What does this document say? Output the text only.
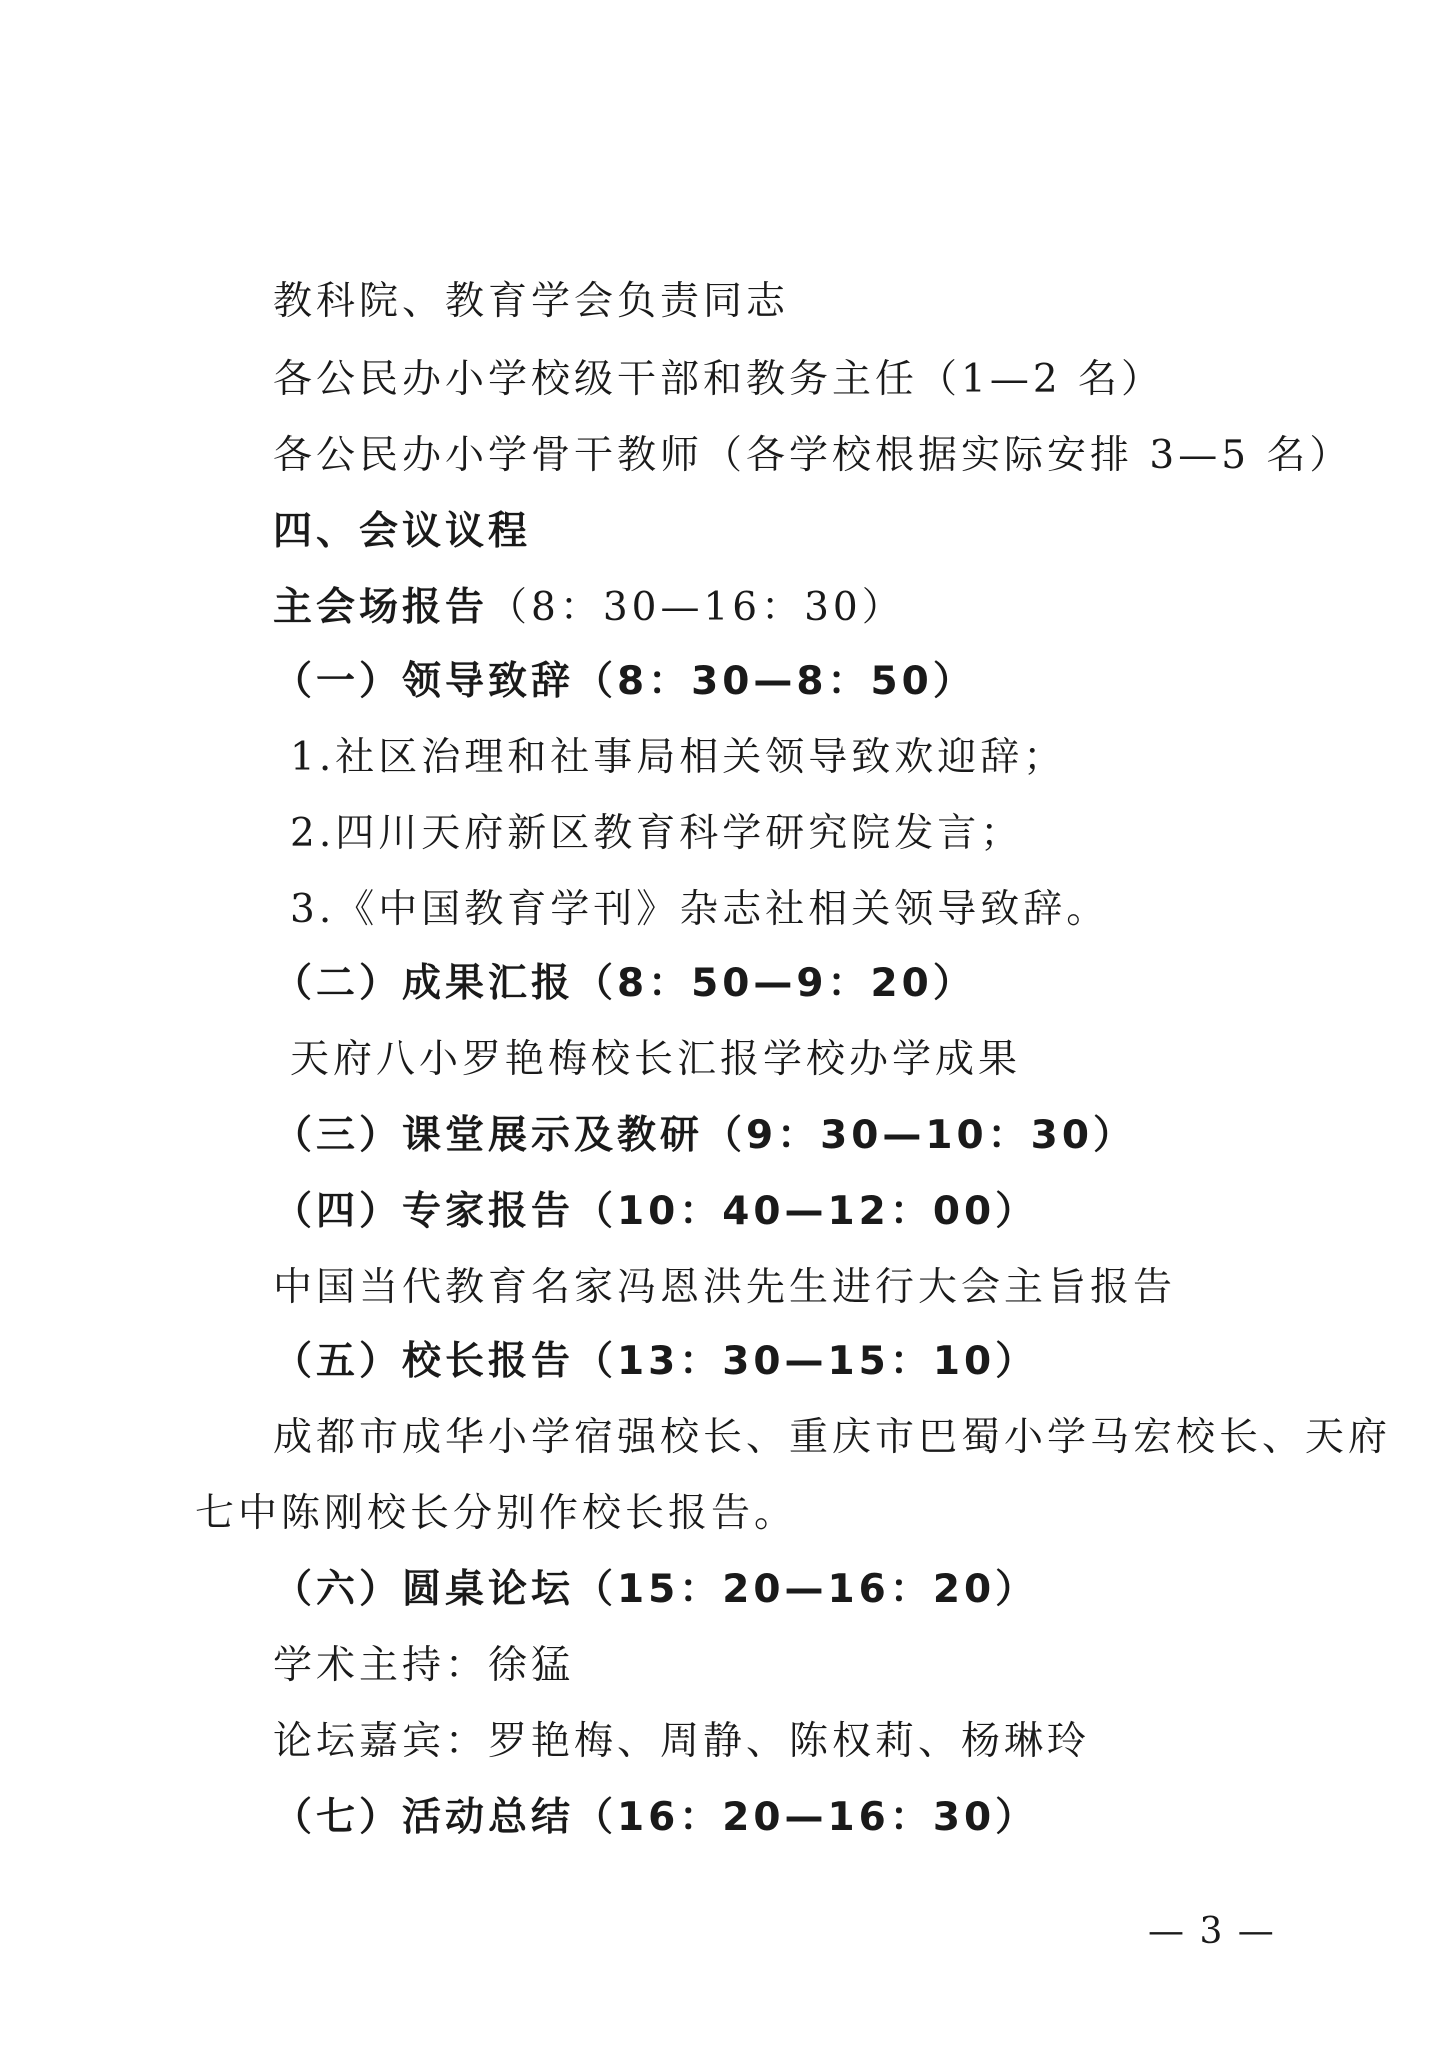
教科院、教育学会负责同志
各公民办小学校级干部和教务主任（1—2 名）
各公民办小学骨干教师（各学校根据实际安排 3—5 名）
四、会议议程
主会场报告（8：30—16：30）
（一）领导致辞（8：30—8：50）
1.社区治理和社事局相关领导致欢迎辞；
2.四川天府新区教育科学研究院发言；
3.《中国教育学刊》杂志社相关领导致辞。
（二）成果汇报（8：50—9：20）
天府八小罗艳梅校长汇报学校办学成果
（三）课堂展示及教研（9：30—10：30）
（四）专家报告（10：40—12：00）
中国当代教育名家冯恩洪先生进行大会主旨报告
（五）校长报告（13：30—15：10）
成都市成华小学宿强校长、重庆市巴蜀小学马宏校长、天府
七中陈刚校长分别作校长报告。
（六）圆桌论坛（15：20—16：20）
学术主持：徐猛
论坛嘉宾：罗艳梅、周静、陈权莉、杨琳玲
（七）活动总结（16：20—16：30）
— 3 —
